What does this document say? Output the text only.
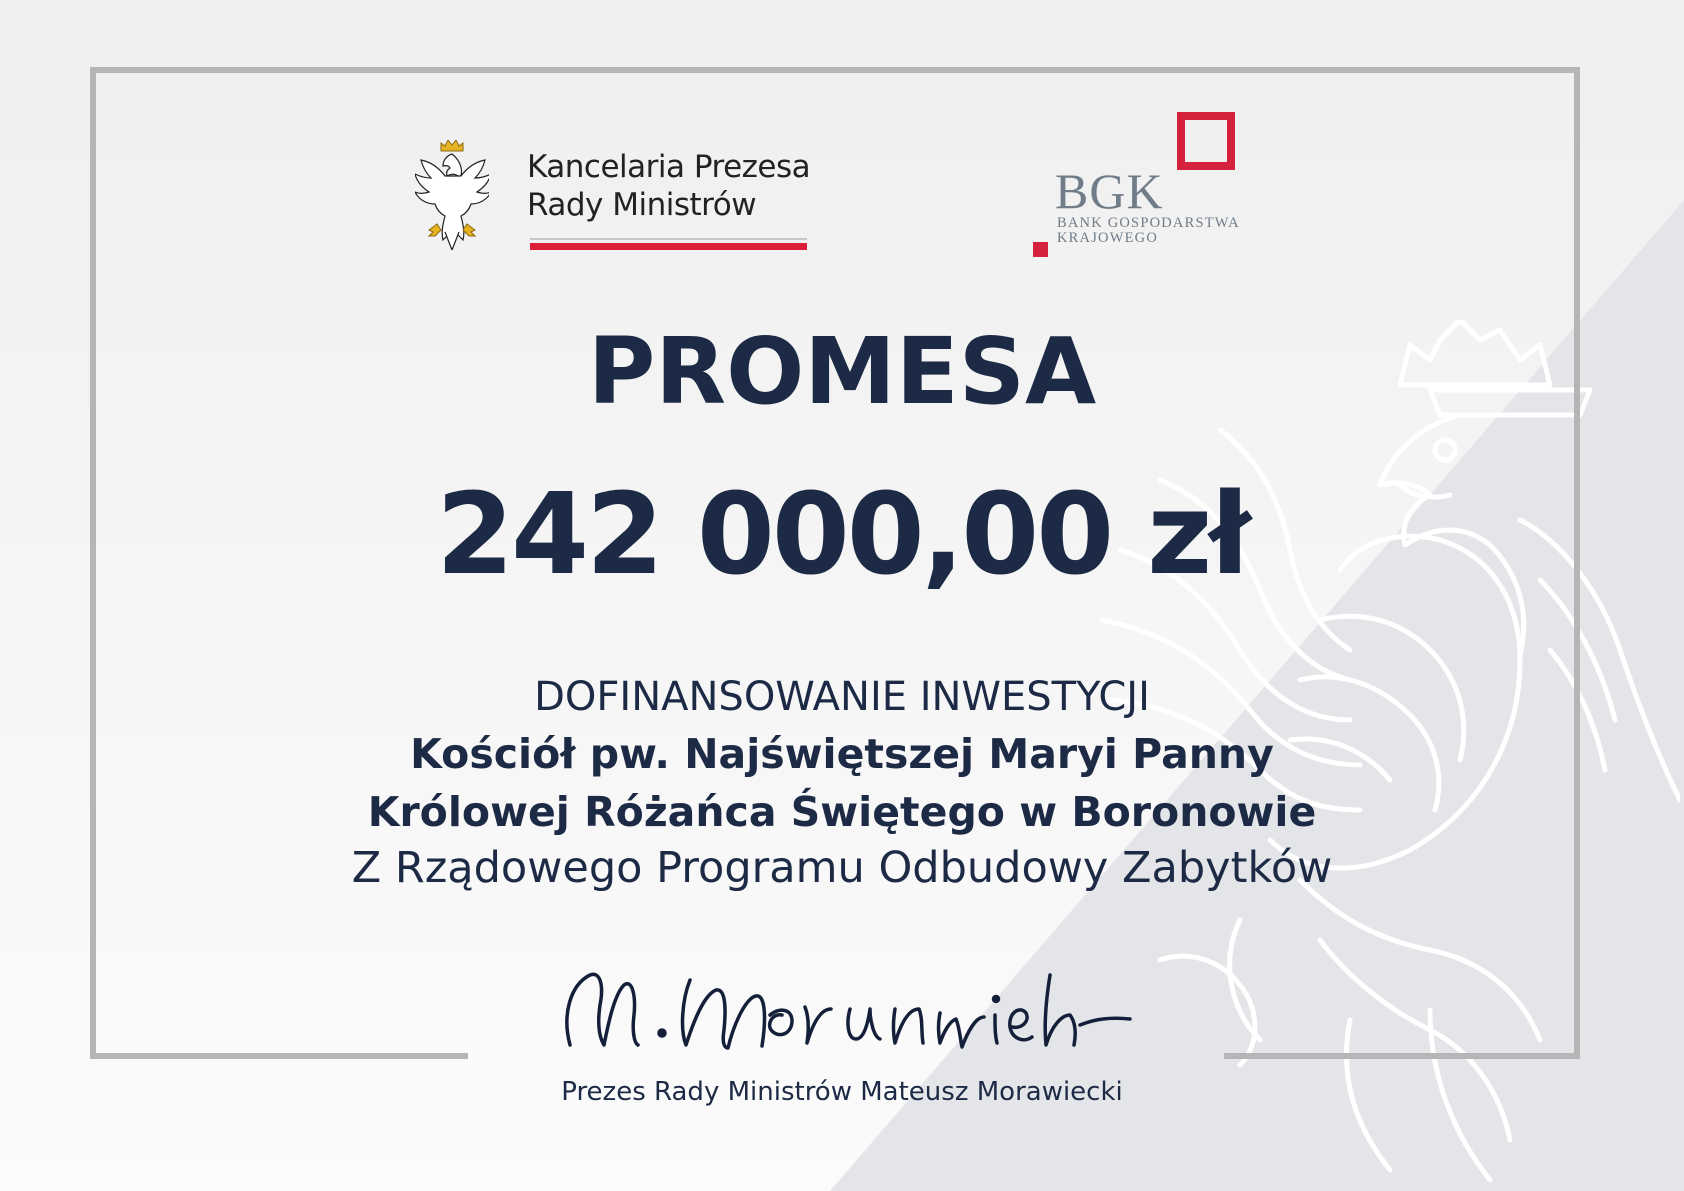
Kancelaria Prezesa
Rady Ministrów	BGK
BANK GOSPODARSTWA
KRAJOWEGO
PROMESA
242 000,00 zł
DOFINANSOWANIE INWESTYCJI
Kościół pw. Najświętszej Maryi Panny
Królowej Różańca Świętego w Boronowie
Z Rządowego Programu Odbudowy Zabytków
Prezes Rady Ministrów Mateusz Morawiecki
